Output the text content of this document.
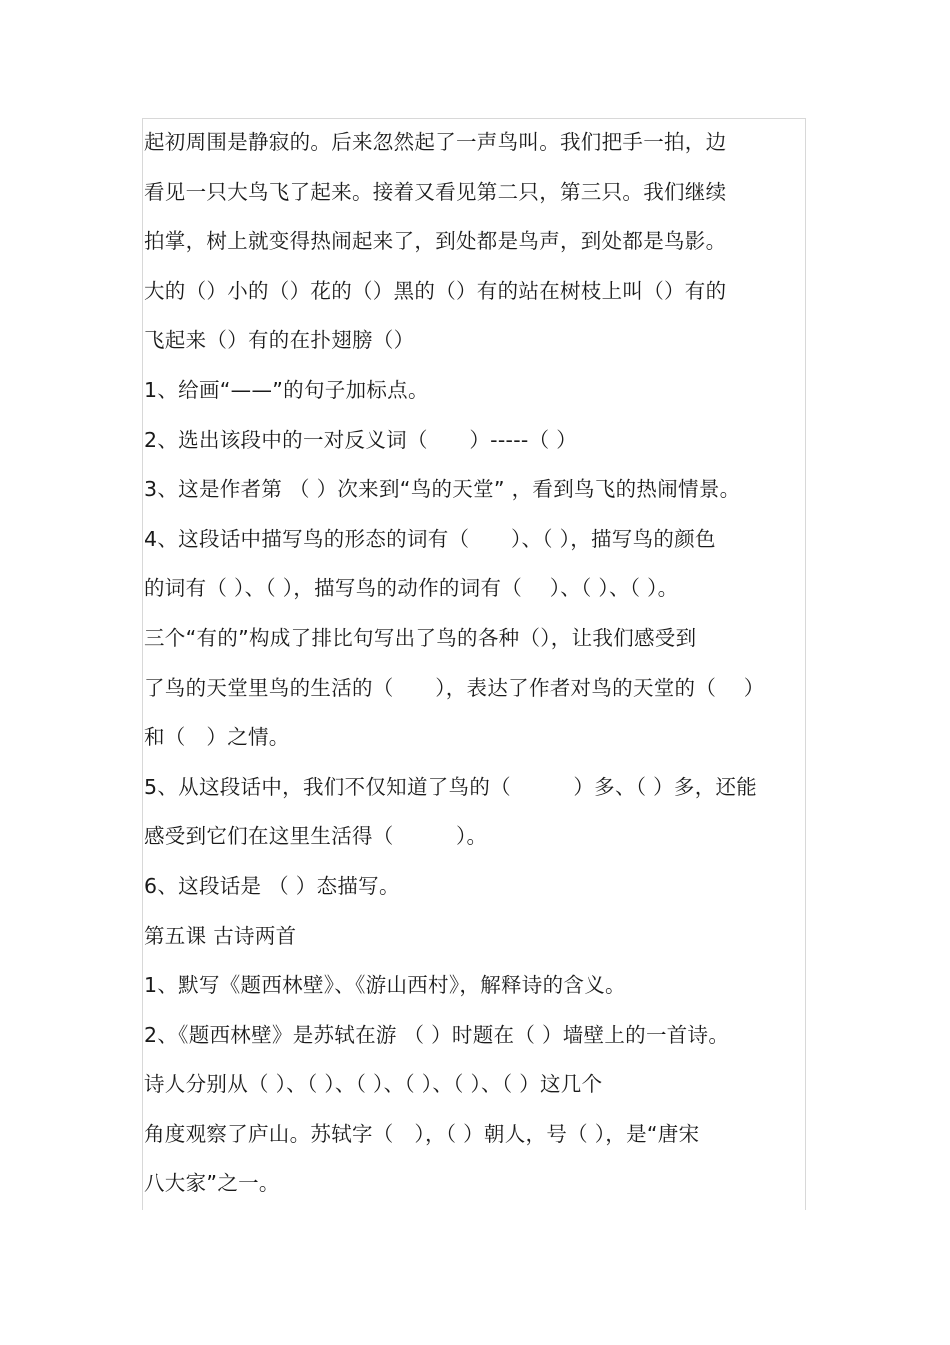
起初周围是静寂的。后来忽然起了一声鸟叫。我们把手一拍，边
看见一只大鸟飞了起来。接着又看见第二只，第三只。我们继续
拍掌，树上就变得热闹起来了，到处都是鸟声，到处都是鸟影。
大的（）小的（）花的（）黑的（）有的站在树枝上叫（）有的
飞起来（）有的在扑翅膀（）
1、给画“——”的句子加标点。
2、选出该段中的一对反义词（　　）-----（ ）
3、这是作者第 （ ）次来到“鸟的天堂” ，看到鸟飞的热闹情景。
4、这段话中描写鸟的形态的词有（　　）、（ ），描写鸟的颜色
的词有（ ）、（ ），描写鸟的动作的词有（　 ）、（ ）、（ ）。
三个“有的”构成了排比句写出了鸟的各种（），让我们感受到
了鸟的天堂里鸟的生活的（　　），表达了作者对鸟的天堂的（　 ）
和（　）之情。
5、从这段话中，我们不仅知道了鸟的（　　　）多、（ ）多，还能
感受到它们在这里生活得（　　　）。
6、这段话是 （ ）态描写。
第五课 古诗两首
1、默写《题西林壁》、《游山西村》，解释诗的含义。
2、《题西林壁》是苏轼在游 （ ）时题在（ ）墙壁上的一首诗。
诗人分别从（ ）、（ ）、（ ）、（ ）、（ ）、（ ）这几个
角度观察了庐山。苏轼字（　），（ ）朝人，号（ ），是“唐宋
八大家”之一。
